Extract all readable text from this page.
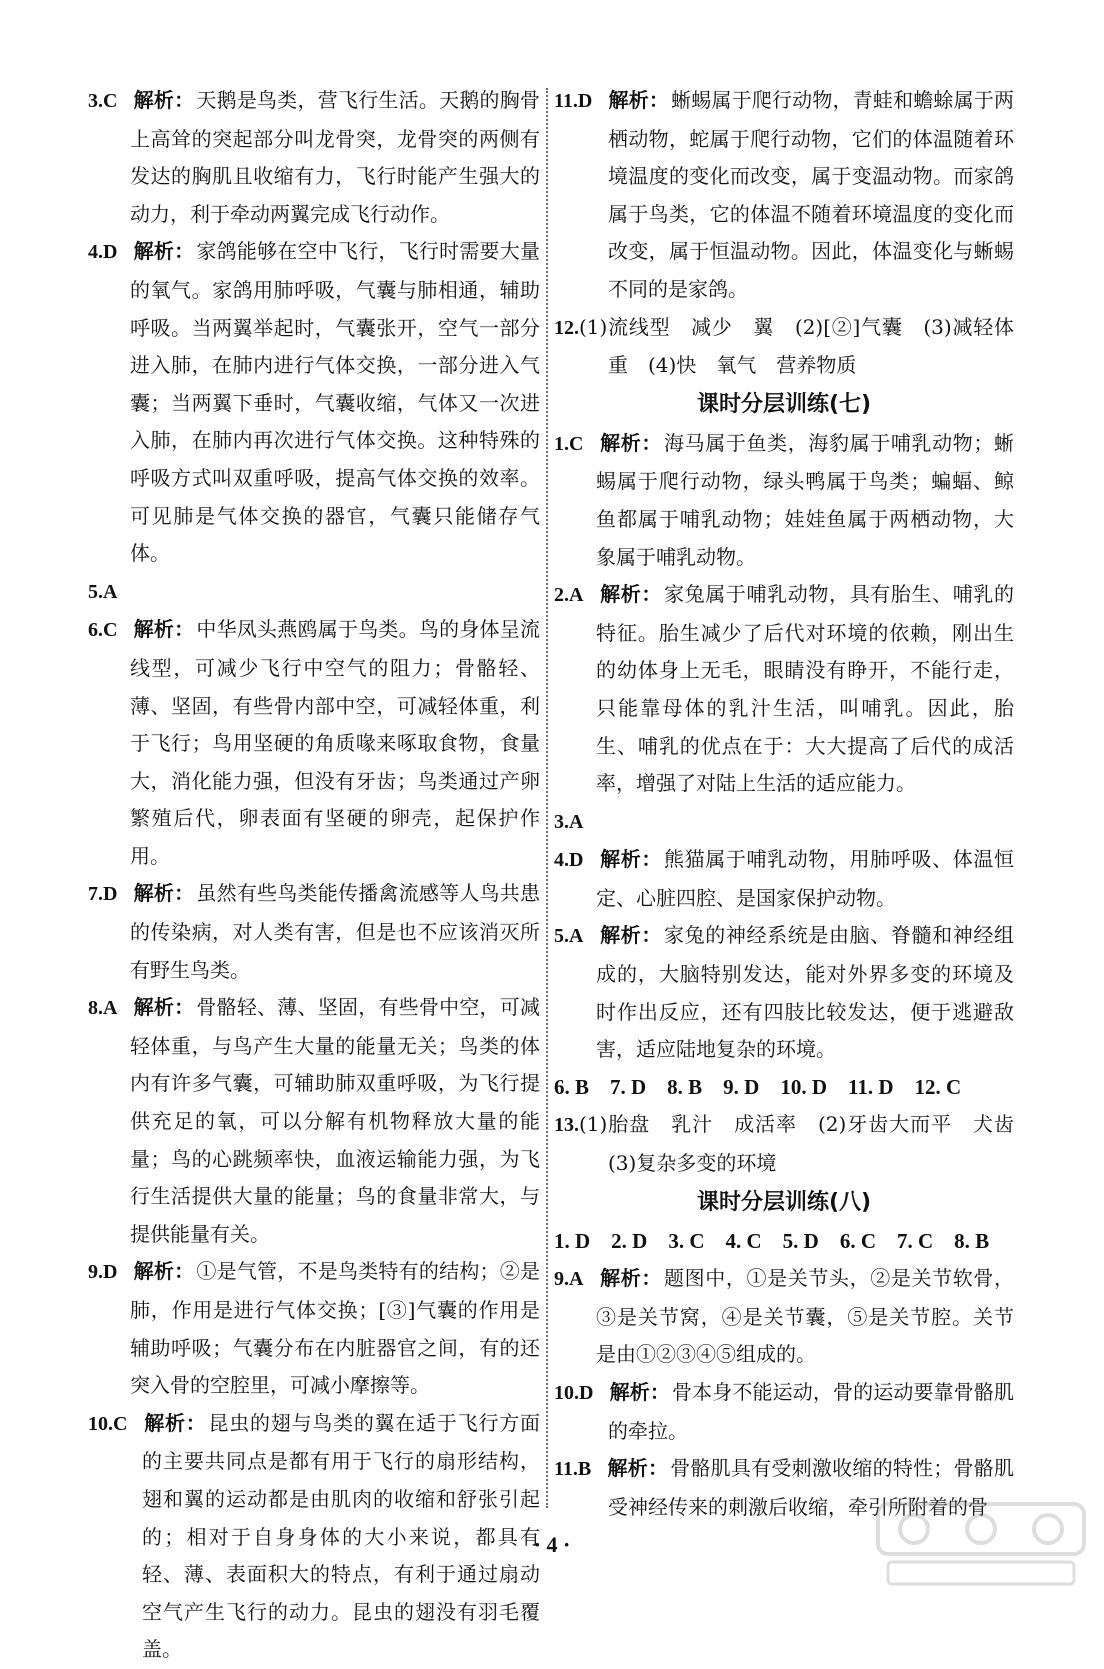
3.C 解析： 天鹅是鸟类，营飞行生活。天鹅的胸骨上高耸的突起部分叫龙骨突，龙骨突的两侧有发达的胸肌且收缩有力，飞行时能产生强大的动力，利于牵动两翼完成飞行动作。

4.D 解析： 家鸽能够在空中飞行，飞行时需要大量的氧气。家鸽用肺呼吸，气囊与肺相通，辅助呼吸。当两翼举起时，气囊张开，空气一部分进入肺，在肺内进行气体交换，一部分进入气囊；当两翼下垂时，气囊收缩，气体又一次进入肺，在肺内再次进行气体交换。这种特殊的呼吸方式叫双重呼吸，提高气体交换的效率。可见肺是气体交换的器官，气囊只能储存气体。

5.A

6.C 解析： 中华凤头燕鸥属于鸟类。鸟的身体呈流线型，可减少飞行中空气的阻力；骨骼轻、薄、坚固，有些骨内部中空，可减轻体重，利于飞行；鸟用坚硬的角质喙来啄取食物，食量大，消化能力强，但没有牙齿；鸟类通过产卵繁殖后代，卵表面有坚硬的卵壳，起保护作用。

7.D 解析： 虽然有些鸟类能传播禽流感等人鸟共患的传染病，对人类有害，但是也不应该消灭所有野生鸟类。

8.A 解析： 骨骼轻、薄、坚固，有些骨中空，可减轻体重，与鸟产生大量的能量无关；鸟类的体内有许多气囊，可辅助肺双重呼吸，为飞行提供充足的氧，可以分解有机物释放大量的能量；鸟的心跳频率快，血液运输能力强，为飞行生活提供大量的能量；鸟的食量非常大，与提供能量有关。

9.D 解析： ①是气管，不是鸟类特有的结构；②是肺，作用是进行气体交换；[③]气囊的作用是辅助呼吸；气囊分布在内脏器官之间，有的还突入骨的空腔里，可减小摩擦等。

10.C 解析： 昆虫的翅与鸟类的翼在适于飞行方面的主要共同点是都有用于飞行的扇形结构，翅和翼的运动都是由肌肉的收缩和舒张引起的；相对于自身身体的大小来说，都具有轻、薄、表面积大的特点，有利于通过扇动空气产生飞行的动力。昆虫的翅没有羽毛覆盖。

11.D 解析： 蜥蜴属于爬行动物，青蛙和蟾蜍属于两栖动物，蛇属于爬行动物，它们的体温随着环境温度的变化而改变，属于变温动物。而家鸽属于鸟类，它的体温不随着环境温度的变化而改变，属于恒温动物。因此，体温变化与蜥蜴不同的是家鸽。

12.(1)流线型　减少　翼　(2)[②]气囊　(3)减轻体重　(4)快　氧气　营养物质

课时分层训练(七)

1.C 解析： 海马属于鱼类，海豹属于哺乳动物；蜥蜴属于爬行动物，绿头鸭属于鸟类；蝙蝠、鲸鱼都属于哺乳动物；娃娃鱼属于两栖动物，大象属于哺乳动物。

2.A 解析： 家兔属于哺乳动物，具有胎生、哺乳的特征。胎生减少了后代对环境的依赖，刚出生的幼体身上无毛，眼睛没有睁开，不能行走，只能靠母体的乳汁生活，叫哺乳。因此，胎生、哺乳的优点在于：大大提高了后代的成活率，增强了对陆上生活的适应能力。

3.A

4.D 解析： 熊猫属于哺乳动物，用肺呼吸、体温恒定、心脏四腔、是国家保护动物。

5.A 解析： 家兔的神经系统是由脑、脊髓和神经组成的，大脑特别发达，能对外界多变的环境及时作出反应，还有四肢比较发达，便于逃避敌害，适应陆地复杂的环境。

6. B　7. D　8. B　9. D　10. D　11. D　12. C

13.(1)胎盘　乳汁　成活率　(2)牙齿大而平　犬齿　(3)复杂多变的环境

课时分层训练(八)

1. D　2. D　3. C　4. C　5. D　6. C　7. C　8. B

9.A 解析： 题图中，①是关节头，②是关节软骨，③是关节窝，④是关节囊，⑤是关节腔。关节是由①②③④⑤组成的。

10.D 解析： 骨本身不能运动，骨的运动要靠骨骼肌的牵拉。

11.B 解析： 骨骼肌具有受刺激收缩的特性；骨骼肌受神经传来的刺激后收缩，牵引所附着的骨

· 4 ·
